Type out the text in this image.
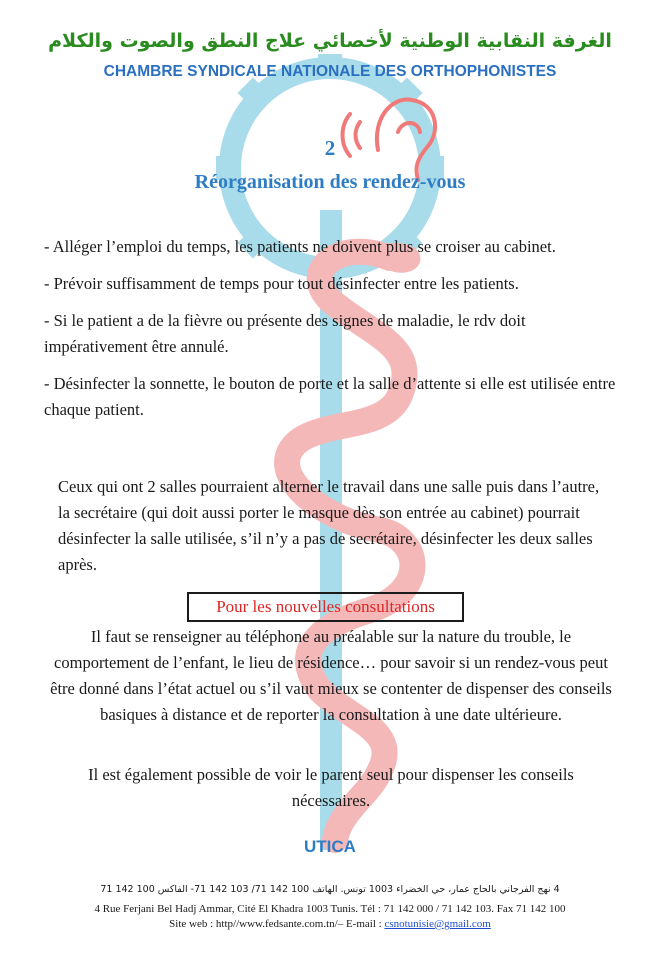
الغرفة النقابية الوطنية لأخصائي علاج النطق والصوت والكلام
CHAMBRE SYNDICALE NATIONALE DES ORTHOPHONISTES
2
Réorganisation des rendez-vous

- Alléger l’emploi du temps, les patients ne doivent plus se croiser au cabinet.

- Prévoir suffisamment de temps pour tout désinfecter entre les patients.

- Si le patient a de la fièvre ou présente des signes de maladie, le rdv doit impérativement être annulé.

- Désinfecter la sonnette, le bouton de porte et la salle d’attente si elle est utilisée entre chaque patient.

Ceux qui ont 2 salles pourraient alterner le travail dans une salle puis dans l’autre, la secrétaire (qui doit aussi porter le masque dès son entrée au cabinet) pourrait désinfecter la salle utilisée, s’il n’y a pas de secrétaire, désinfecter les deux salles après.

Pour les nouvelles consultations

Il faut se renseigner au téléphone au préalable sur la nature du trouble, le comportement de l’enfant, le lieu de résidence… pour savoir si un rendez-vous peut être donné dans l’état actuel ou s’il vaut mieux se contenter de dispenser des conseils basiques à distance et de reporter la consultation à une date ultérieure.

Il est également possible de voir le parent seul pour dispenser les conseils nécessaires.

UTICA
4 نهج الفرجاني بالحاج عمار، حي الخضراء 1003 تونس. الهاتف 100 142 71/ 103 142 71- الفاكس 100 142 71
4 Rue Ferjani Bel Hadj Ammar, Cité El Khadra 1003 Tunis. Tél : 71 142 000 / 71 142 103. Fax 71 142 100
Site web : http//www.fedsante.com.tn/– E-mail : csnotunisie@gmail.com
